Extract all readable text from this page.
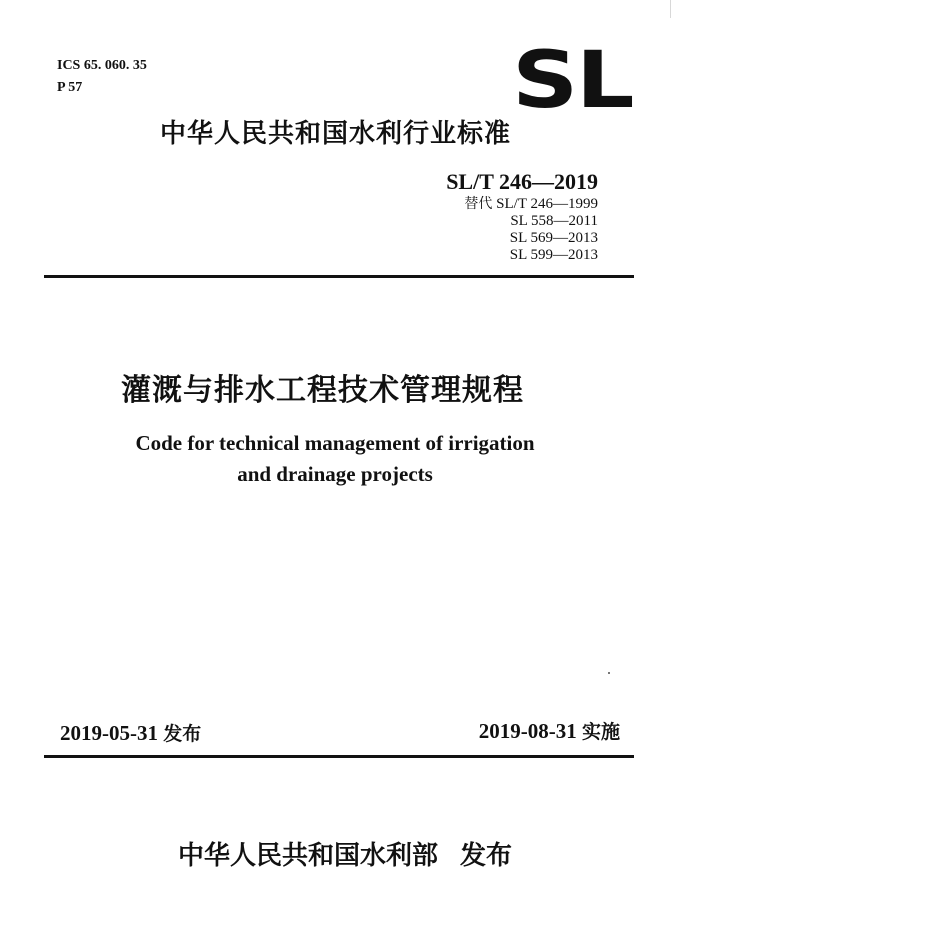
ICS 65. 060. 35
P 57	SL
中华人民共和国水利行业标准
SL/T 246—2019
替代 SL/T 246—1999
SL 558—2011
SL 569—2013
SL 599—2013
灌溉与排水工程技术管理规程
Code for technical management of irrigation
and drainage projects
2019-05-31 发布	2019-08-31 实施
中华人民共和国水利部 发布
